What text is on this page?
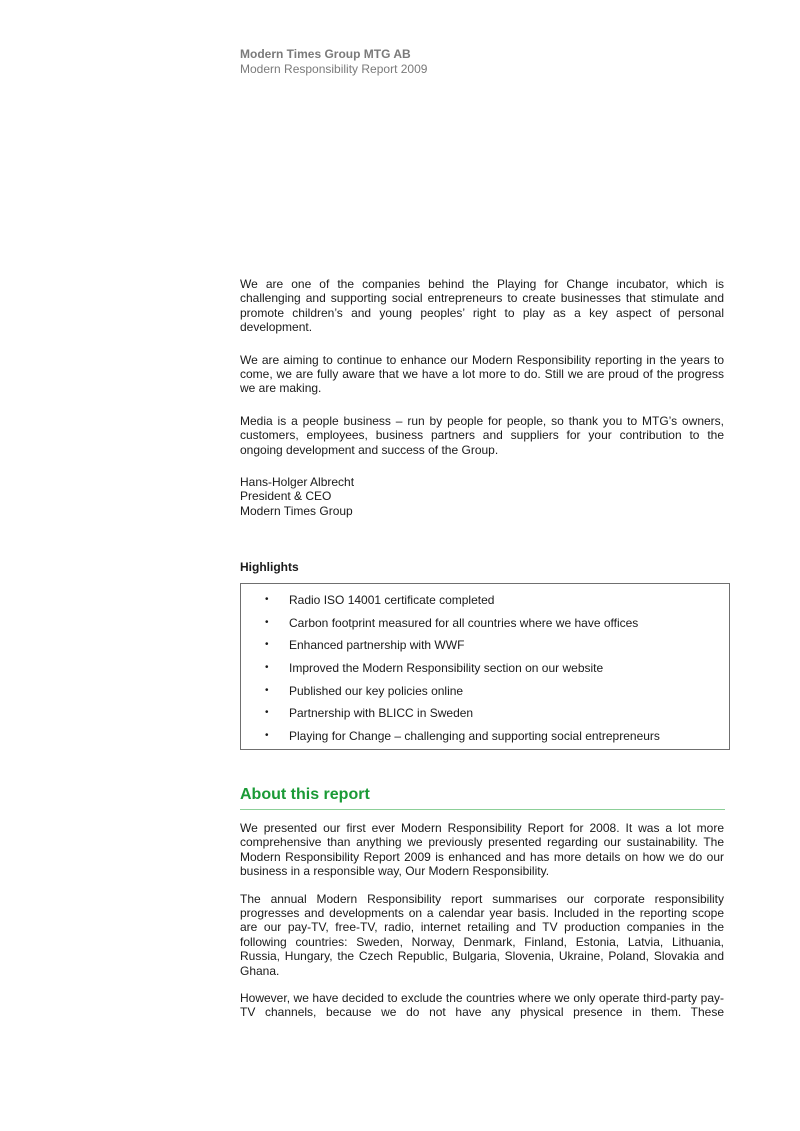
Modern Times Group MTG AB
Modern Responsibility Report 2009

We are one of the companies behind the Playing for Change incubator, which is challenging and supporting social entrepreneurs to create businesses that stimulate and promote children’s and young peoples’ right to play as a key aspect of personal development.

We are aiming to continue to enhance our Modern Responsibility reporting in the years to come, we are fully aware that we have a lot more to do. Still we are proud of the progress we are making.

Media is a people business – run by people for people, so thank you to MTG’s owners, customers, employees, business partners and suppliers for your contribution to the ongoing development and success of the Group.

Hans-Holger Albrecht
President & CEO
Modern Times Group
Highlights
• Radio ISO 14001 certificate completed
• Carbon footprint measured for all countries where we have offices
• Enhanced partnership with WWF
• Improved the Modern Responsibility section on our website
• Published our key policies online
• Partnership with BLICC in Sweden
• Playing for Change – challenging and supporting social entrepreneurs
About this report

We presented our first ever Modern Responsibility Report for 2008. It was a lot more comprehensive than anything we previously presented regarding our sustainability. The Modern Responsibility Report 2009 is enhanced and has more details on how we do our business in a responsible way, Our Modern Responsibility.

The annual Modern Responsibility report summarises our corporate responsibility progresses and developments on a calendar year basis. Included in the reporting scope are our pay-TV, free-TV, radio, internet retailing and TV production companies in the following countries: Sweden, Norway, Denmark, Finland, Estonia, Latvia, Lithuania, Russia, Hungary, the Czech Republic, Bulgaria, Slovenia, Ukraine, Poland, Slovakia and Ghana.

However, we have decided to exclude the countries where we only operate third-party pay-TV channels, because we do not have any physical presence in them. These
